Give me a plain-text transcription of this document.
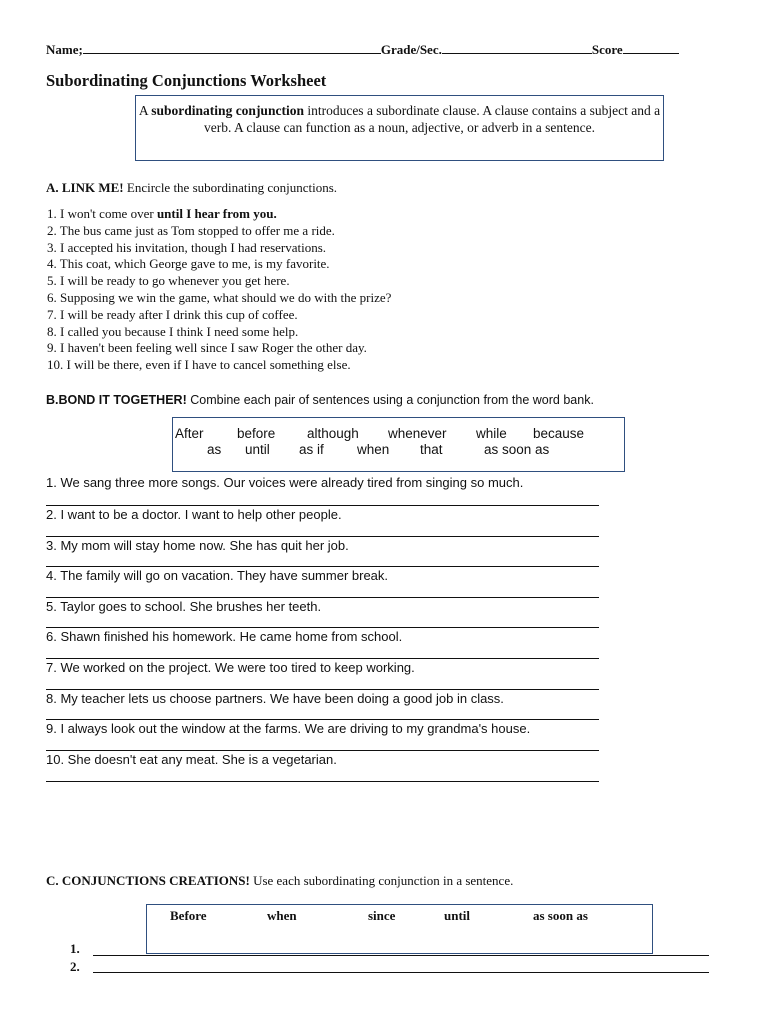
Name;	Grade/Sec.	Score
Subordinating Conjunctions Worksheet
A subordinating conjunction introduces a subordinate clause. A clause contains a subject and a verb. A clause can function as a noun, adjective, or adverb in a sentence.
A. LINK ME! Encircle the subordinating conjunctions.
1. I won't come over until I hear from you.
2. The bus came just as Tom stopped to offer me a ride.
3. I accepted his invitation, though I had reservations.
4. This coat, which George gave to me, is my favorite.
5. I will be ready to go whenever you get here.
6. Supposing we win the game, what should we do with the prize?
7. I will be ready after I drink this cup of coffee.
8. I called you because I think I need some help.
9. I haven't been feeling well since I saw Roger the other day.
10. I will be there, even if I have to cancel something else.
B.BOND IT TOGETHER! Combine each pair of sentences using a conjunction from the word bank.
After before although whenever while because
as until as if when that	as soon as
1. We sang three more songs. Our voices were already tired from singing so much.
2. I want to be a doctor. I want to help other people.
3. My mom will stay home now. She has quit her job.
4. The family will go on vacation. They have summer break.
5. Taylor goes to school. She brushes her teeth.
6. Shawn finished his homework. He came home from school.
7. We worked on the project. We were too tired to keep working.
8. My teacher lets us choose partners. We have been doing a good job in class.
9. I always look out the window at the farms. We are driving to my grandma's house.
10. She doesn't eat any meat. She is a vegetarian.
C. CONJUNCTIONS CREATIONS! Use each subordinating conjunction in a sentence.
Before	when	since	until	as soon as
1.
2.
